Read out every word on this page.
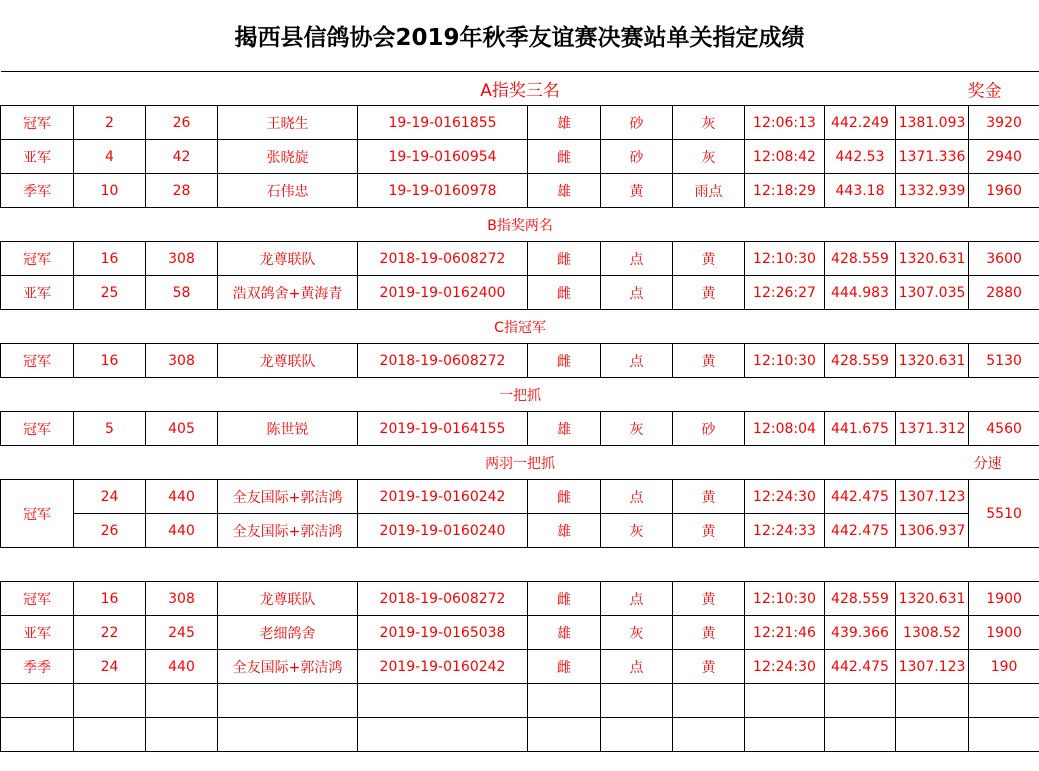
揭西县信鸽协会2019年秋季友谊赛决赛站单关指定成绩
A指奖三名 奖金											

冠军	2	26	王晓生	19-19-0161855	雄	砂	灰	12:06:13	442.249	1381.093	3920
亚军	4	42	张晓旋	19-19-0160954	雌	砂	灰	12:08:42	442.53	1371.336	2940
季军	10	28	石伟忠	19-19-0160978	雄	黄	雨点	12:18:29	443.18	1332.939	1960
B指奖两名											
冠军	16	308	龙尊联队	2018-19-0608272	雌	点	黄	12:10:30	428.559	1320.631	3600
亚军	25	58	浩双鸽舍+黄海青	2019-19-0162400	雌	点	黄	12:26:27	444.983	1307.035	2880
C指冠军											
冠军	16	308	龙尊联队	2018-19-0608272	雌	点	黄	12:10:30	428.559	1320.631	5130
一把抓											
冠军	5	405	陈世锐	2019-19-0164155	雄	灰	砂	12:08:04	441.675	1371.312	4560
两羽一把抓 分速											

冠军	24	440	全友国际+郭洁鸿	2019-19-0160242	雌	点	黄	12:24:30	442.475	1307.123	5510
	26	440	全友国际+郭洁鸿	2019-19-0160240	雄	灰	黄	12:24:33	442.475	1306.937	

冠军	16	308	龙尊联队	2018-19-0608272	雌	点	黄	12:10:30	428.559	1320.631	1900
亚军	22	245	老细鸽舍	2019-19-0165038	雄	灰	黄	12:21:46	439.366	1308.52	1900
季季	24	440	全友国际+郭洁鸿	2019-19-0160242	雌	点	黄	12:24:30	442.475	1307.123	190
